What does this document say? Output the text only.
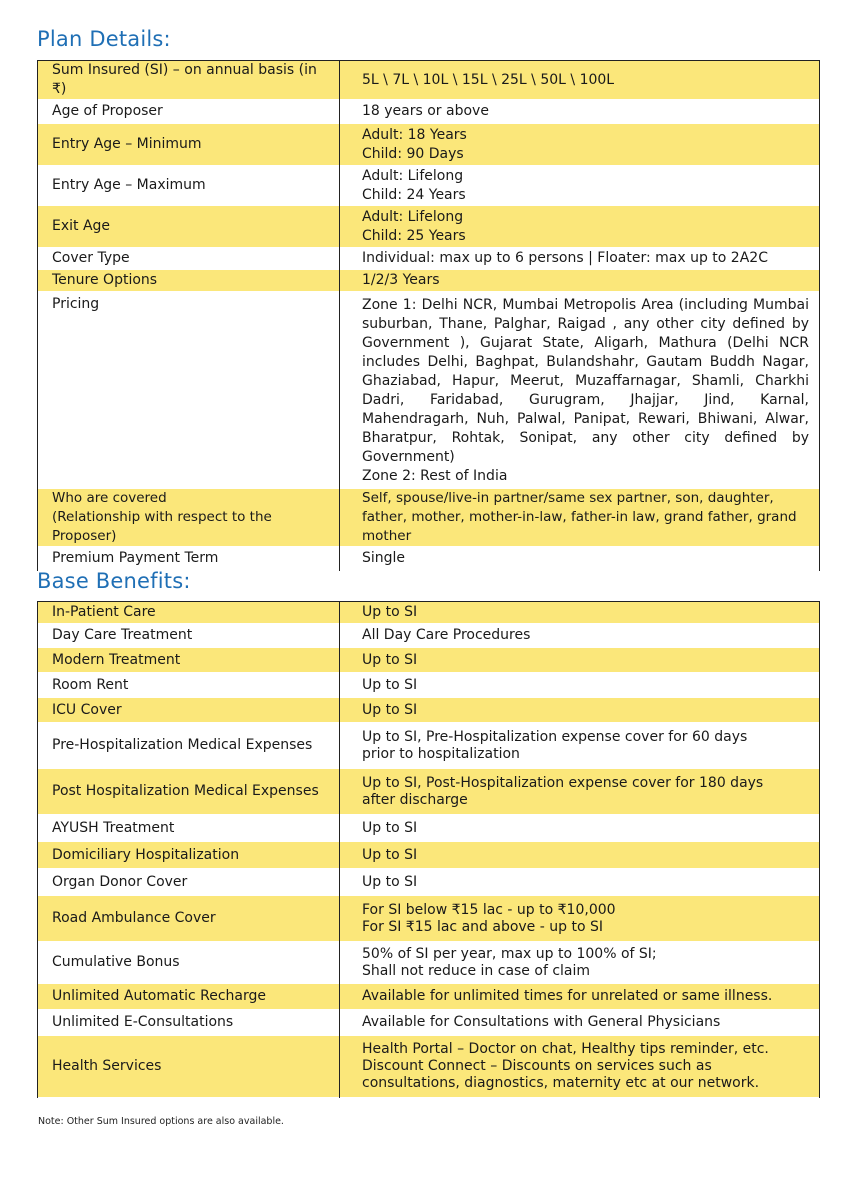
Plan Details:
Sum Insured (SI) – on annual basis (in ₹)	5L \ 7L \ 10L \ 15L \ 25L \ 50L \ 100L
Age of Proposer	18 years or above
Entry Age – Minimum	Adult: 18 Years
Child: 90 Days
Entry Age – Maximum	Adult: Lifelong
Child: 24 Years
Exit Age	Adult: Lifelong
Child: 25 Years
Cover Type	Individual: max up to 6 persons | Floater: max up to 2A2C
Tenure Options	1/2/3 Years
Pricing	Zone 1: Delhi NCR, Mumbai Metropolis Area (including Mumbai suburban, Thane, Palghar, Raigad , any other city defined by Government ), Gujarat State, Aligarh, Mathura (Delhi NCR includes Delhi, Baghpat, Bulandshahr, Gautam Buddh Nagar, Ghaziabad, Hapur, Meerut, Muzaffarnagar, Shamli, Charkhi Dadri, Faridabad, Gurugram, Jhajjar, Jind, Karnal, Mahendragarh, Nuh, Palwal, Panipat, Rewari, Bhiwani, Alwar, Bharatpur, Rohtak, Sonipat, any other city defined by Government)
Zone 2: Rest of India
Who are covered
(Relationship with respect to the Proposer)	Self, spouse/live-in partner/same sex partner, son, daughter, father, mother, mother-in-law, father-in law, grand father, grand mother
Premium Payment Term	Single
Base Benefits:
In-Patient Care	Up to SI
Day Care Treatment	All Day Care Procedures
Modern Treatment	Up to SI
Room Rent	Up to SI
ICU Cover	Up to SI
Pre-Hospitalization Medical Expenses	Up to SI, Pre-Hospitalization expense cover for 60 days
prior to hospitalization
Post Hospitalization Medical Expenses	Up to SI, Post-Hospitalization expense cover for 180 days
after discharge
AYUSH Treatment	Up to SI
Domiciliary Hospitalization	Up to SI
Organ Donor Cover	Up to SI
Road Ambulance Cover	For SI below ₹15 lac - up to ₹10,000
For SI ₹15 lac and above - up to SI
Cumulative Bonus	50% of SI per year, max up to 100% of SI;
Shall not reduce in case of claim
Unlimited Automatic Recharge	Available for unlimited times for unrelated or same illness.
Unlimited E-Consultations	Available for Consultations with General Physicians
Health Services	Health Portal – Doctor on chat, Healthy tips reminder, etc.
Discount Connect – Discounts on services such as
consultations, diagnostics, maternity etc at our network.
Note: Other Sum Insured options are also available.
